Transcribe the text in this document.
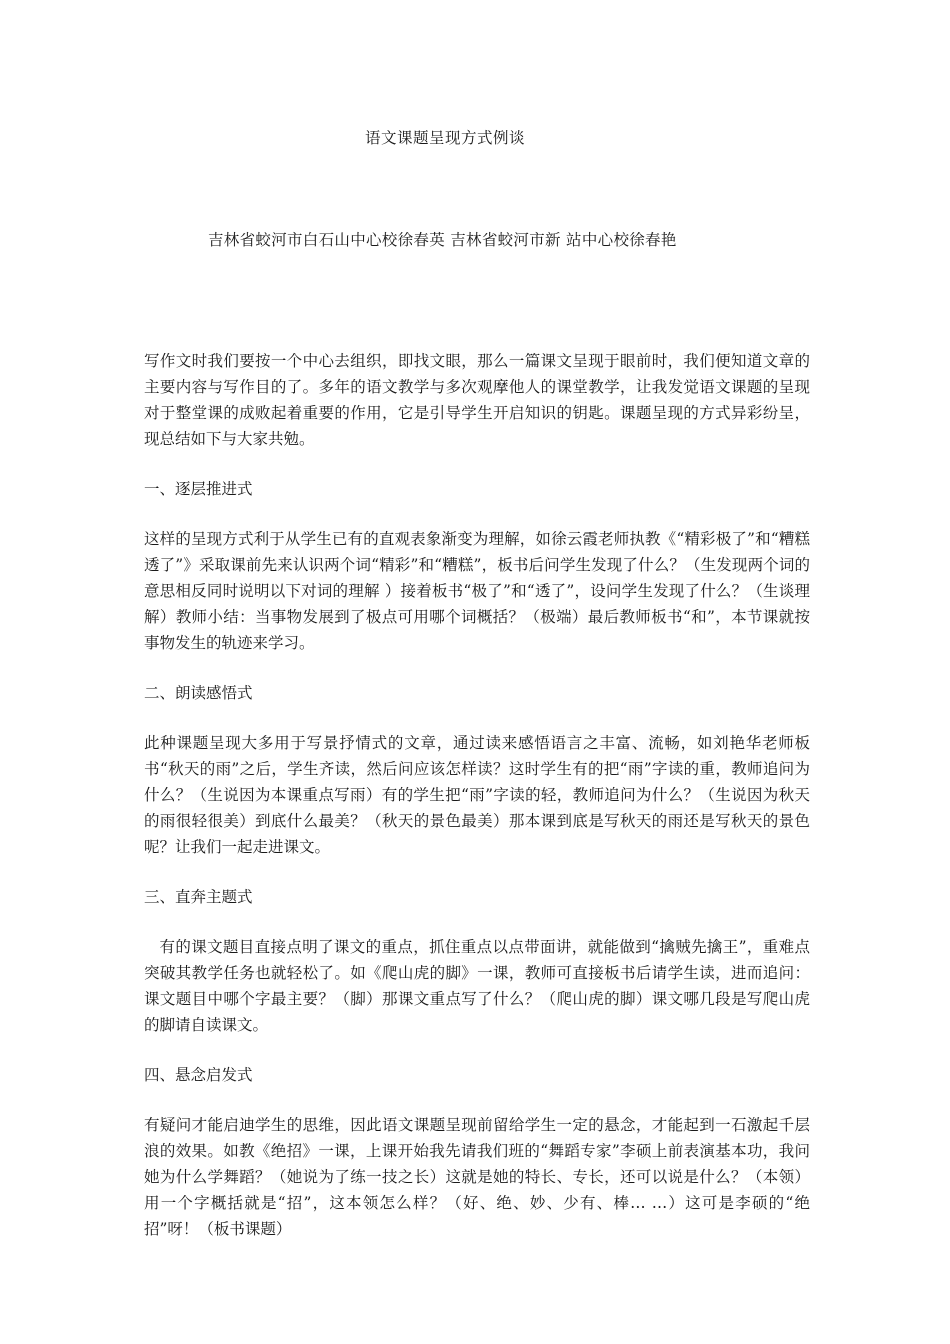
语文课题呈现方式例谈
吉林省蛟河市白石山中心校徐春英 吉林省蛟河市新 站中心校徐春艳

写作文时我们要按一个中心去组织，即找文眼，那么一篇课文呈现于眼前时，我们便知道文章的主要内容与写作目的了。多年的语文教学与多次观摩他人的课堂教学，让我发觉语文课题的呈现对于整堂课的成败起着重要的作用，它是引导学生开启知识的钥匙。课题呈现的方式异彩纷呈，现总结如下与大家共勉。

一、逐层推进式

这样的呈现方式利于从学生已有的直观表象渐变为理解，如徐云霞老师执教《“精彩极了”和“糟糕透了”》采取课前先来认识两个词“精彩”和“糟糕”，板书后问学生发现了什么？（生发现两个词的意思相反同时说明以下对词的理解 ）接着板书“极了”和“透了”，设问学生发现了什么？（生谈理解）教师小结：当事物发展到了极点可用哪个词概括？（极端）最后教师板书“和”，本节课就按事物发生的轨迹来学习。

二、朗读感悟式

此种课题呈现大多用于写景抒情式的文章，通过读来感悟语言之丰富、流畅，如刘艳华老师板书“秋天的雨”之后，学生齐读，然后问应该怎样读？这时学生有的把“雨”字读的重，教师追问为什么？（生说因为本课重点写雨）有的学生把“雨”字读的轻，教师追问为什么？（生说因为秋天的雨很轻很美）到底什么最美？（秋天的景色最美）那本课到底是写秋天的雨还是写秋天的景色呢？让我们一起走进课文。

三、直奔主题式

有的课文题目直接点明了课文的重点，抓住重点以点带面讲，就能做到“擒贼先擒王”，重难点突破其教学任务也就轻松了。如《爬山虎的脚》一课，教师可直接板书后请学生读，进而追问：课文题目中哪个字最主要？（脚）那课文重点写了什么？（爬山虎的脚）课文哪几段是写爬山虎的脚请自读课文。

四、悬念启发式

有疑问才能启迪学生的思维，因此语文课题呈现前留给学生一定的悬念，才能起到一石激起千层浪的效果。如教《绝招》一课，上课开始我先请我们班的“舞蹈专家”李硕上前表演基本功，我问她为什么学舞蹈？（她说为了练一技之长）这就是她的特长、专长，还可以说是什么？（本领）用一个字概括就是“招”，这本领怎么样？（好、绝、妙、少有、棒… …）这可是李硕的“绝招”呀！（板书课题）
